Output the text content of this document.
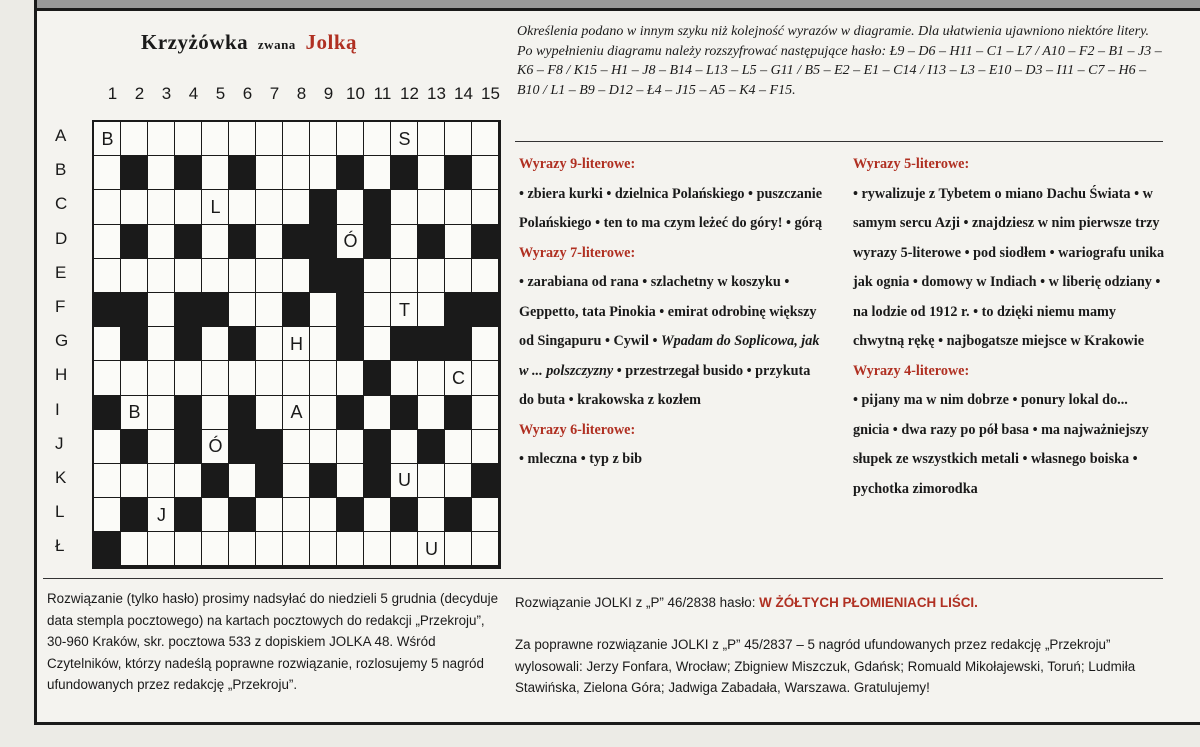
Krzyżówka zwana Jolką
1	2	3	4	5	6	7	8	9 10 11 12 13 14 15
A
B
C
D
E
F
G
H
I
J
K
L
Ł
B	S
L
Ó
T
H
C
B	A
Ó
U
J
U
Określenia podano w innym szyku niż kolejność wyrazów w diagramie. Dla ułatwienia ujawniono niektóre litery. Po wypełnieniu diagramu należy rozszyfrować następujące hasło: Ł9 – D6 – H11 – C1 – L7 / A10 – F2 – B1 – J3 – K6 – F8 / K15 – H1 – J8 – B14 – L13 – L5 – G11 / B5 – E2 – E1 – C14 / I13 – L3 – E10 – D3 – I11 – C7 – H6 – B10 / L1 – B9 – D12 – Ł4 – J15 – A5 – K4 – F15.
Wyrazy 9-literowe:
• zbiera kurki • dzielnica Polańskiego • puszczanie Polańskiego • ten to ma czym leżeć do góry! • górą
Wyrazy 7-literowe:
• zarabiana od rana • szlachetny w koszyku • Geppetto, tata Pinokia • emirat odrobinę większy od Singapuru • Cywil • Wpadam do Soplicowa, jak w ... polszczyzny • przestrzegał busido • przykuta do buta • krakowska z kozłem
Wyrazy 6-literowe:
• mleczna • typ z bib
Wyrazy 5-literowe:
• rywalizuje z Tybetem o miano Dachu Świata • w samym sercu Azji • znajdziesz w nim pierwsze trzy wyrazy 5-literowe • pod siodłem • wariografu unika jak ognia • domowy w Indiach • w liberię odziany • na lodzie od 1912 r. • to dzięki niemu mamy chwytną rękę • najbogatsze miejsce w Krakowie
Wyrazy 4-literowe:
• pijany ma w nim dobrze • ponury lokal do... gnicia • dwa razy po pół basa • ma najważniejszy słupek ze wszystkich metali • własnego boiska • pychotka zimorodka
Rozwiązanie (tylko hasło) prosimy nadsyłać do niedzieli 5 grudnia (decyduje data stempla pocztowego) na kartach pocztowych do redakcji „Przekroju”, 30-960 Kraków, skr. pocztowa 533 z dopiskiem JOLKA 48. Wśród Czytelników, którzy nadeślą poprawne rozwiązanie, rozlosujemy 5 nagród ufundowanych przez redakcję „Przekroju”.
Rozwiązanie JOLKI z „P” 46/2838 hasło: W ŻÓŁTYCH PŁOMIENIACH LIŚCI.
Za poprawne rozwiązanie JOLKI z „P” 45/2837 – 5 nagród ufundowanych przez redakcję „Przekroju” wylosowali: Jerzy Fonfara, Wrocław; Zbigniew Miszczuk, Gdańsk; Romuald Mikołajewski, Toruń; Ludmiła Stawińska, Zielona Góra; Jadwiga Zabadała, Warszawa. Gratulujemy!
